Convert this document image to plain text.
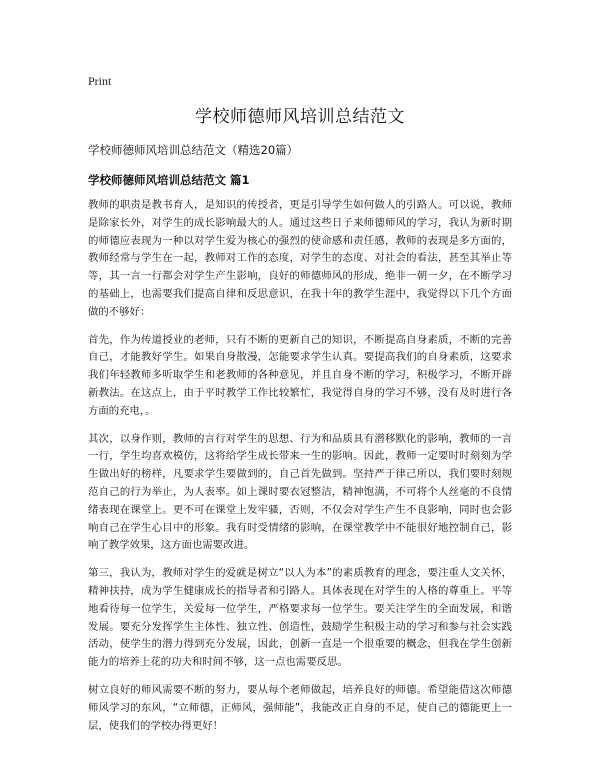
Print
学校师德师风培训总结范文

学校师德师风培训总结范文（精选20篇）

学校师德师风培训总结范文 篇1

教师的职责是教书育人，是知识的传授者，更是引导学生如何做人的引路人。可以说，教师是除家长外，对学生的成长影响最大的人。通过这些日子来师德师风的学习，我认为新时期的师德应表现为一种以对学生爱为核心的强烈的使命感和责任感，教师的表现是多方面的，教师经常与学生在一起，教师对工作的态度，对学生的态度、对社会的看法，甚至其举止等等，其一言一行都会对学生产生影响，良好的师德师风的形成，绝非一朝一夕，在不断学习的基础上，也需要我们提高自律和反思意识，在我十年的教学生涯中，我觉得以下几个方面做的不够好：

首先，作为传道授业的老师，只有不断的更新自己的知识，不断提高自身素质，不断的完善自己，才能教好学生。如果自身散漫，怎能要求学生认真。要提高我们的自身素质，这要求我们年轻教师多听取学生和老教师的各种意见，并且自身不断的学习，积极学习，不断开辟新教法。在这点上，由于平时教学工作比较繁忙，我觉得自身的学习不够，没有及时进行各方面的充电，。

其次，以身作则，教师的言行对学生的思想、行为和品质具有潜移默化的影响，教师的一言一行，学生均喜欢模仿，这将给学生成长带来一生的影响。因此，教师一定要时时刻刻为学生做出好的榜样，凡要求学生要做到的，自己首先做到。坚持严于律己所以，我们要时刻规范自己的行为举止，为人表率。如上课时要衣冠整洁，精神饱满，不可将个人丝毫的不良情绪表现在课堂上。更不可在课堂上发牢骚，否则，不仅会对学生产生不良影响，同时也会影响自己在学生心目中的形象。我有时受情绪的影响，在课堂教学中不能很好地控制自己，影响了教学效果，这方面也需要改进。

第三，我认为，教师对学生的爱就是树立“以人为本”的素质教育的理念，要注重人文关怀，精神扶持，成为学生健康成长的指导者和引路人。具体表现在对学生的人格的尊重上。平等地看待每一位学生，关爱每一位学生，严格要求每一位学生。要关注学生的全面发展，和谐发展。要充分发挥学生主体性、独立性、创造性，鼓励学生积极主动的学习和参与社会实践活动，使学生的潜力得到充分发展，因此，创新一直是一个很重要的概念，但我在学生创新能力的培养上花的功夫和时间不够，这一点也需要反思。

树立良好的师风需要不断的努力，要从每个老师做起，培养良好的师德。希望能借这次师德师风学习的东风，“立师德，正师风，强师能”，我能改正自身的不足，使自己的德能更上一层，使我们的学校办得更好！
